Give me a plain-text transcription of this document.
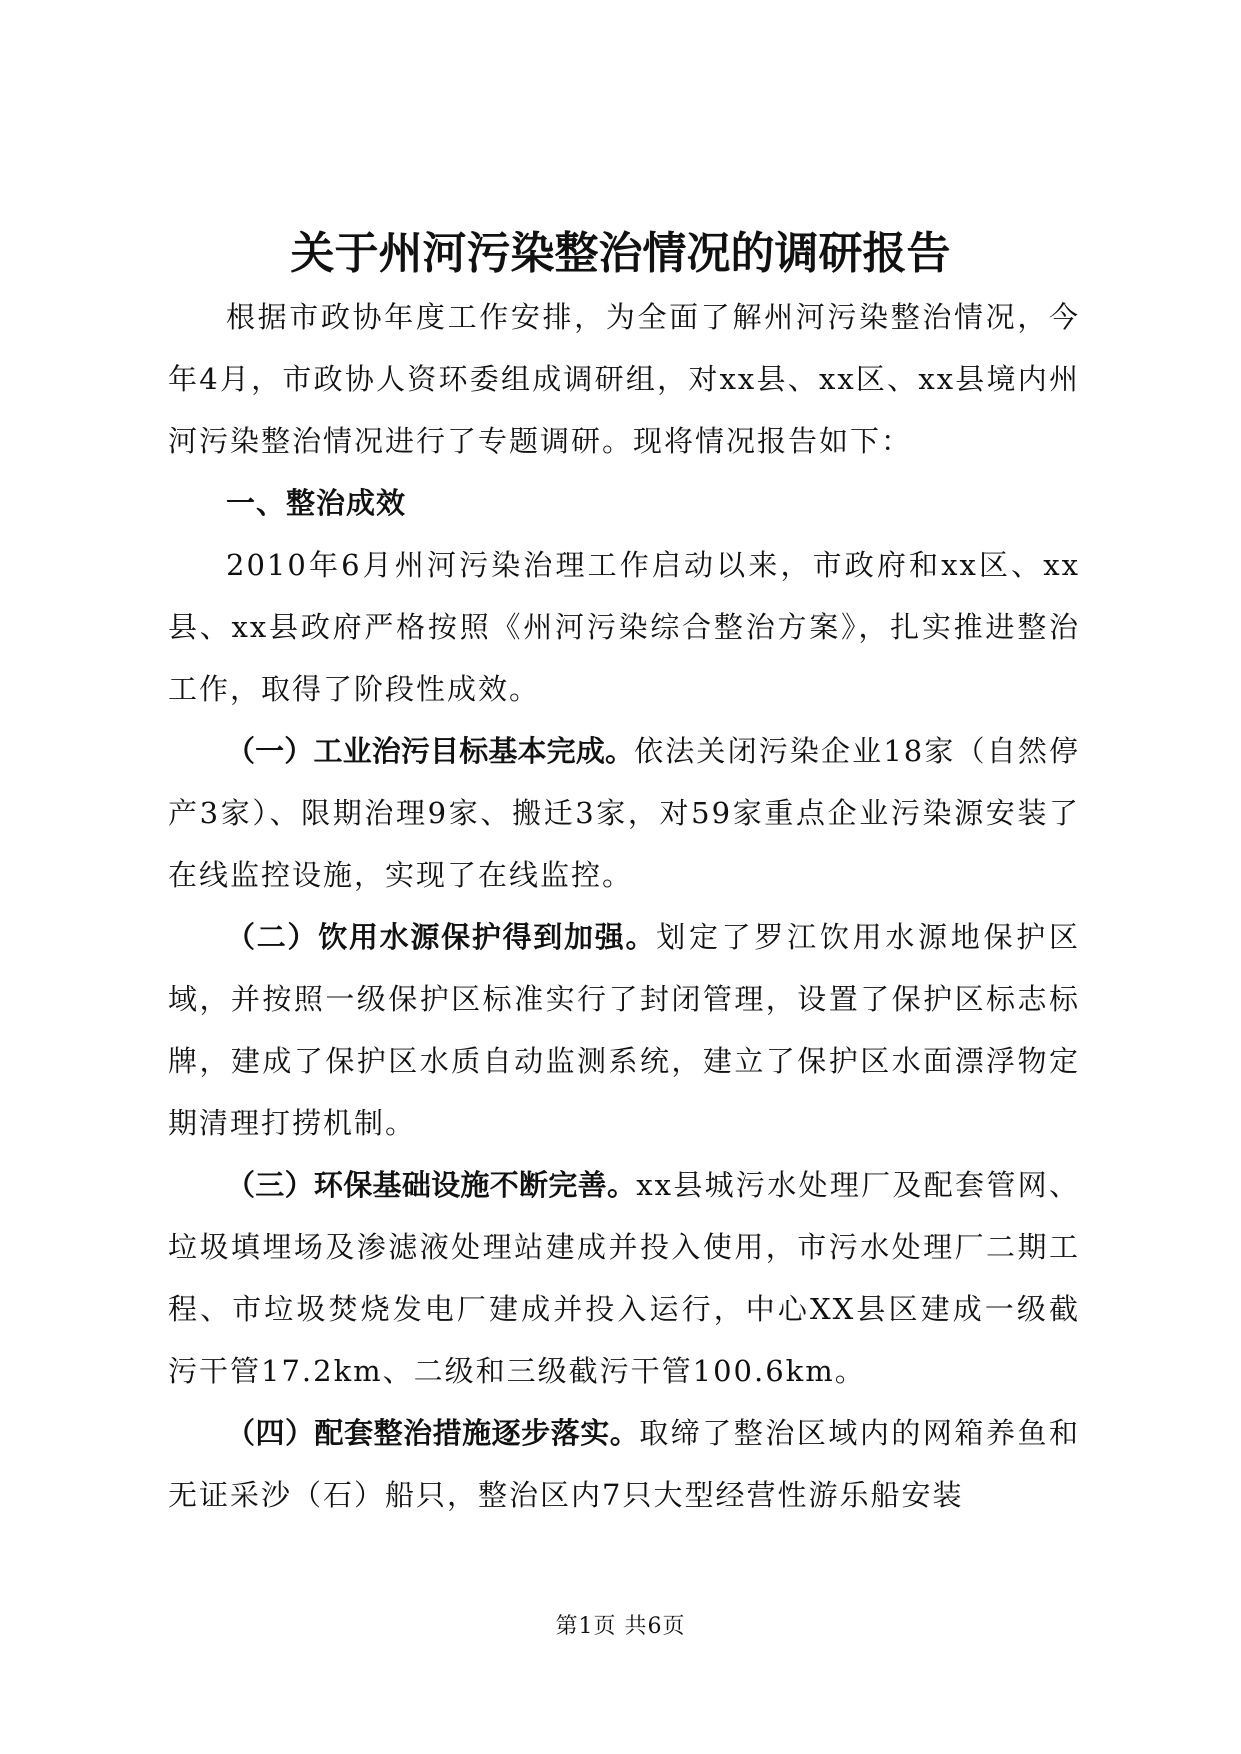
关于州河污染整治情况的调研报告

根据市政协年度工作安排，为全面了解州河污染整治情况，今年4月，市政协人资环委组成调研组，对xx县、xx区、xx县境内州河污染整治情况进行了专题调研。现将情况报告如下：

一、整治成效

2010年6月州河污染治理工作启动以来，市政府和xx区、xx县、xx县政府严格按照《州河污染综合整治方案》，扎实推进整治工作，取得了阶段性成效。

（一）工业治污目标基本完成。依法关闭污染企业18家（自然停产3家）、限期治理9家、搬迁3家，对59家重点企业污染源安装了在线监控设施，实现了在线监控。

（二）饮用水源保护得到加强。划定了罗江饮用水源地保护区域，并按照一级保护区标准实行了封闭管理，设置了保护区标志标牌，建成了保护区水质自动监测系统，建立了保护区水面漂浮物定期清理打捞机制。

（三）环保基础设施不断完善。xx县城污水处理厂及配套管网、垃圾填埋场及渗滤液处理站建成并投入使用，市污水处理厂二期工程、市垃圾焚烧发电厂建成并投入运行，中心XX县区建成一级截污干管17.2km、二级和三级截污干管100.6km。

（四）配套整治措施逐步落实。取缔了整治区域内的网箱养鱼和无证采沙（石）船只，整治区内7只大型经营性游乐船安装

第1页 共6页
